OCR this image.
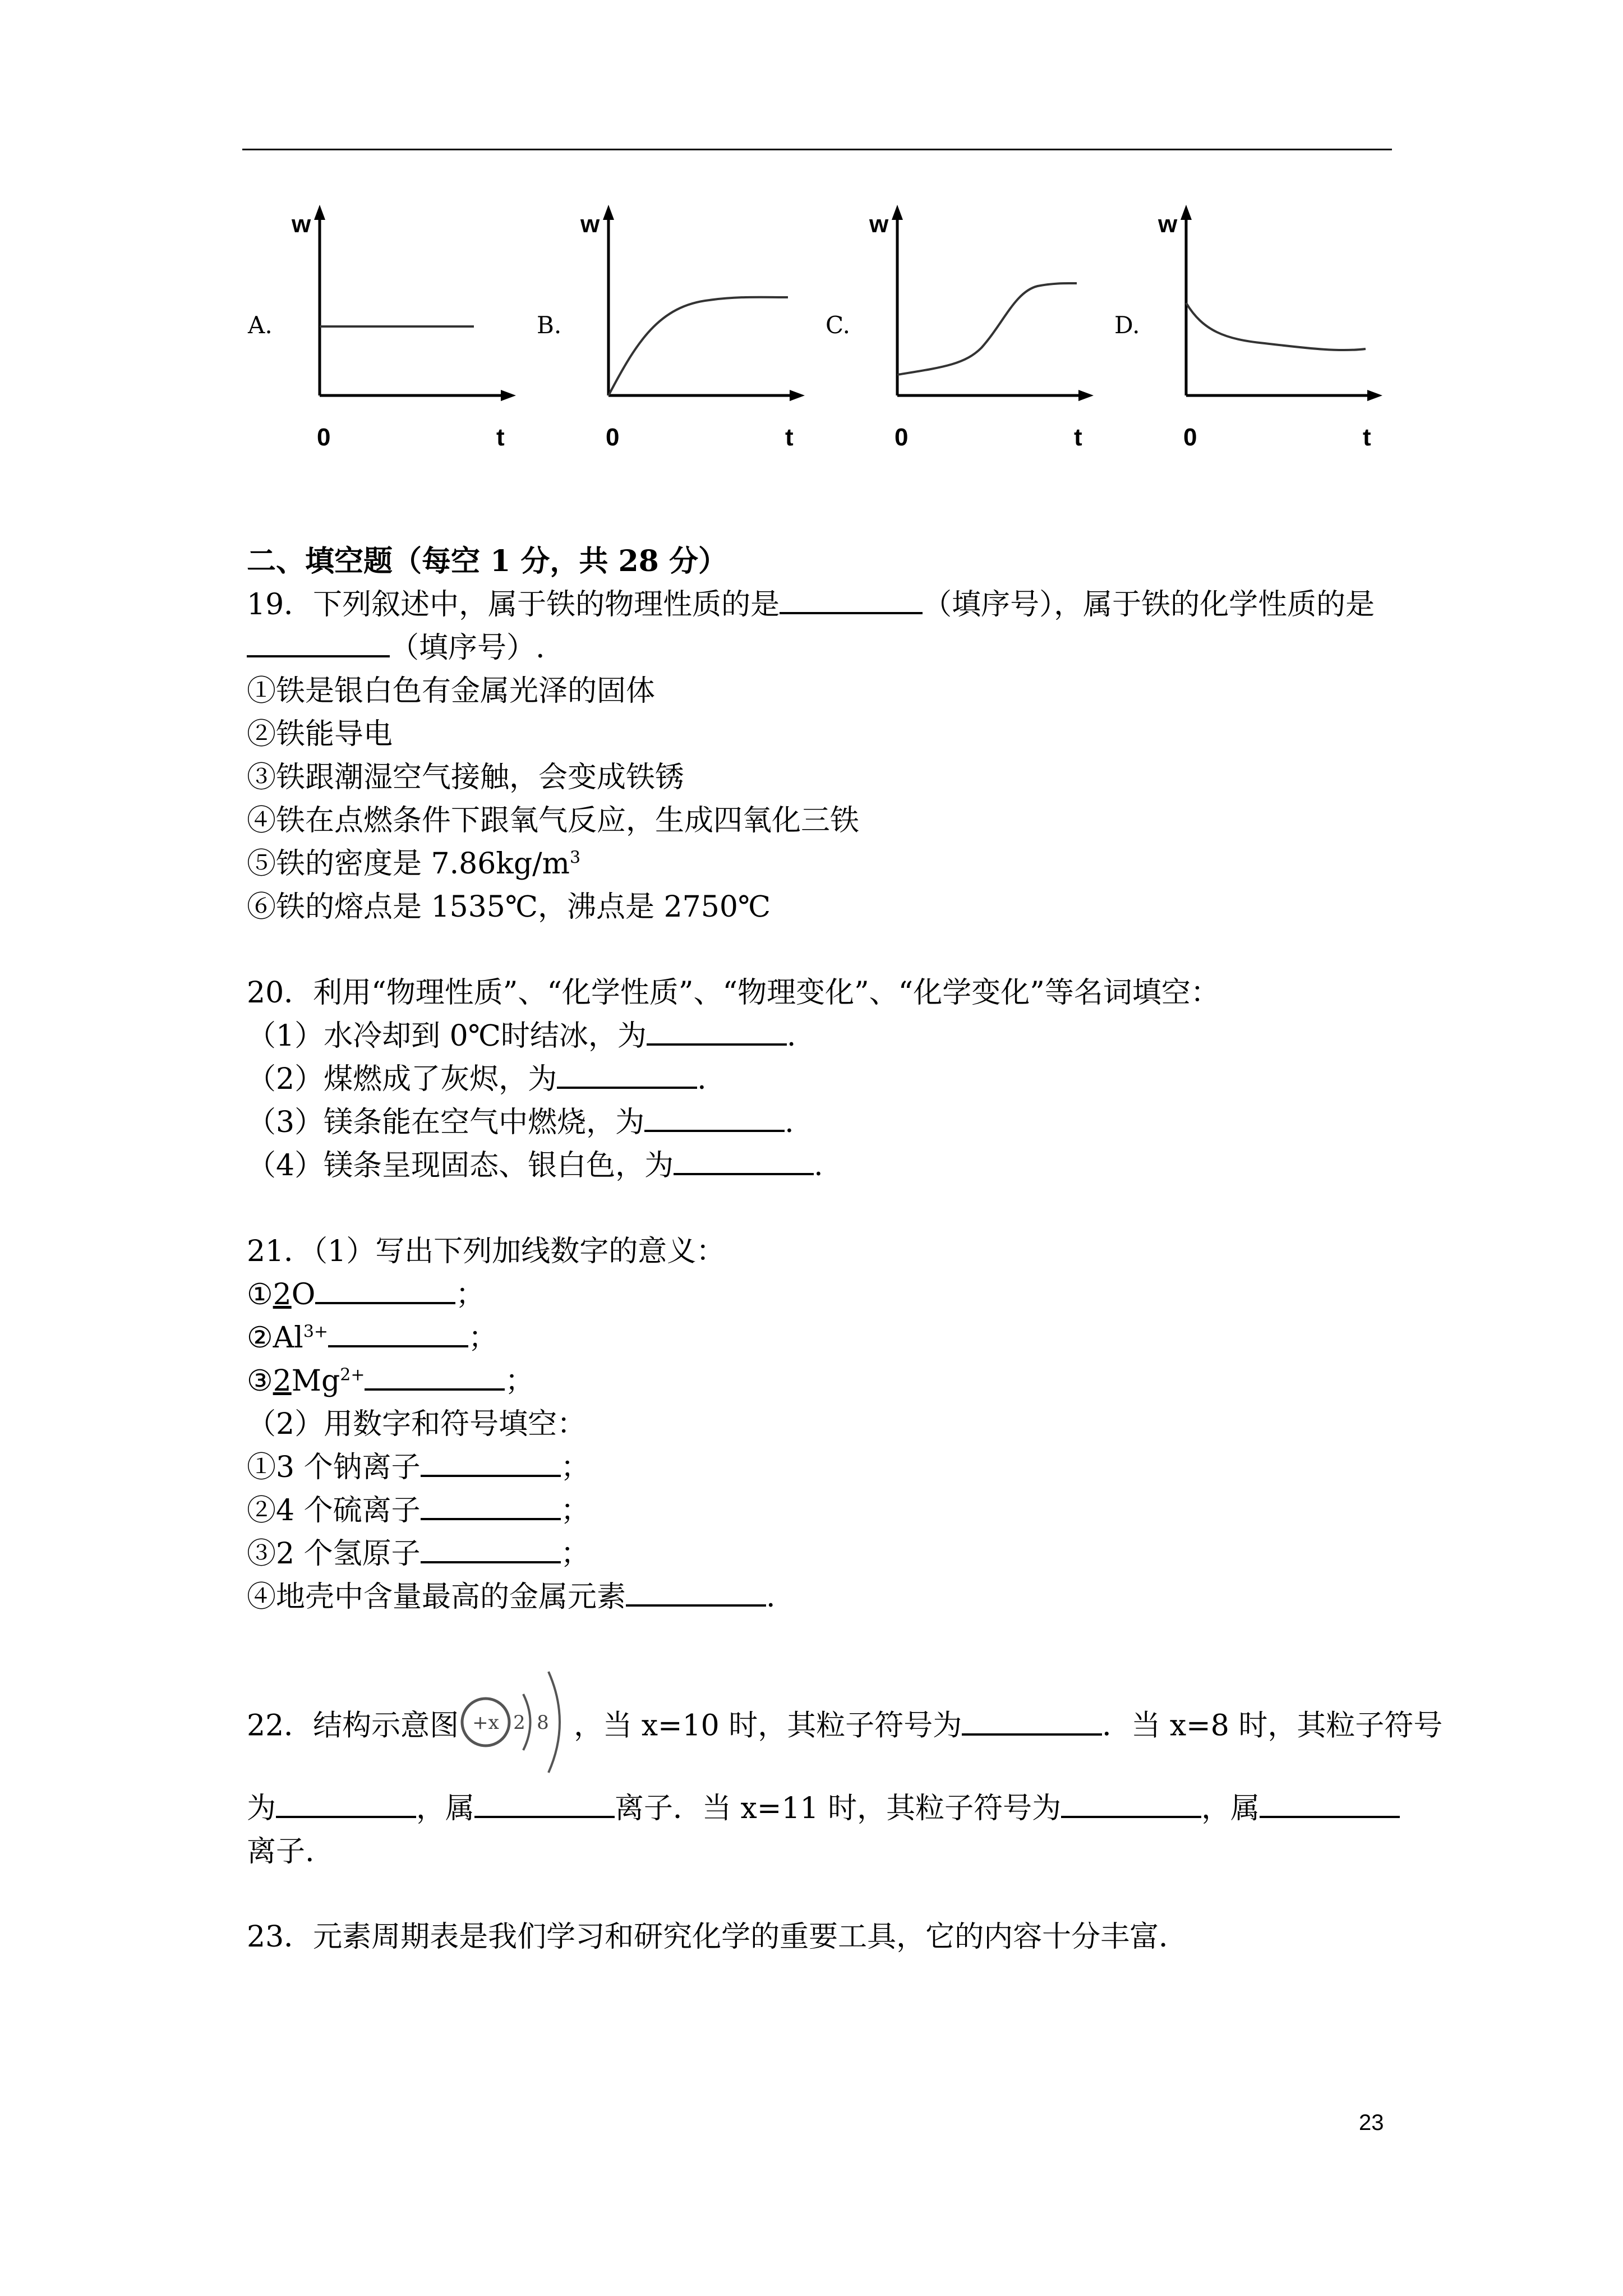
A.
w
0	t
B.
w
0	t
C.
w
0	t
D.
w
0	t
二、填空题（每空 1 分，共 28 分）
19．下列叙述中，属于铁的物理性质的是	（填序号），属于铁的化学性质的是
（填序号）.
①铁是银白色有金属光泽的固体
②铁能导电
③铁跟潮湿空气接触，会变成铁锈
④铁在点燃条件下跟氧气反应，生成四氧化三铁
⑤铁的密度是 $7.86kg/m^3$
⑥铁的熔点是 1535℃，沸点是 2750℃
20．利用“物理性质”、“化学性质”、“物理变化”、“化学变化”等名词填空：
（1）水冷却到 0℃时结冰，为	.
（2）煤燃成了灰烬，为	.
（3）镁条能在空气中燃烧，为	.
（4）镁条呈现固态、银白色，为	.
21．（1）写出下列加线数字的意义：
①2O	；
$②Al^{3+}$	；
$③2Mg^{2+}$	；
（2）用数字和符号填空：
①3 个钠离子	；
②4 个硫离子	；
③2 个氢原子	；
④地壳中含量最高的金属元素	.
22．结构示意图 +x 2 8 ，当 x=10 时，其粒子符号为	．当 x=8 时，其粒子符号
为	，属	离子．当 x=11 时，其粒子符号为	，属
离子.
23．元素周期表是我们学习和研究化学的重要工具，它的内容十分丰富．
23
